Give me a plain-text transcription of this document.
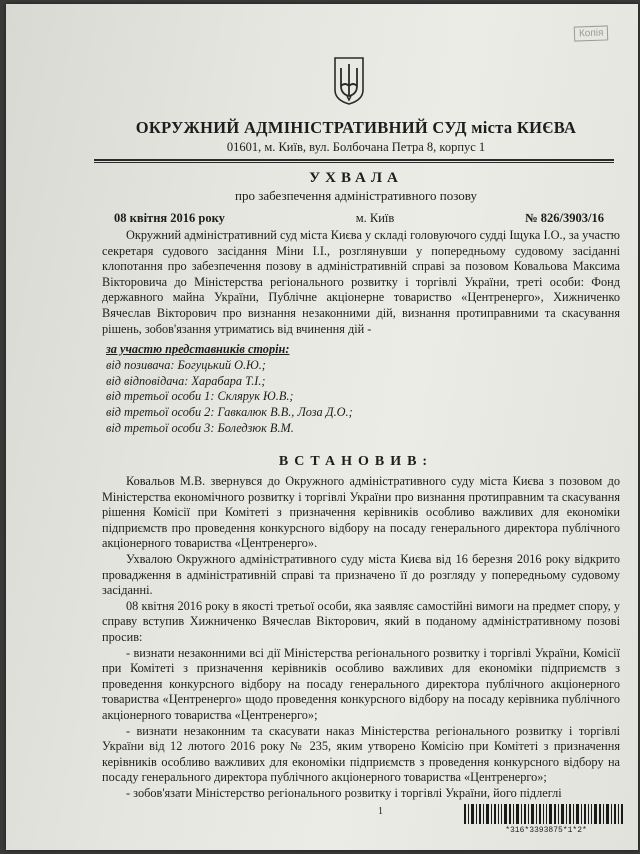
Копія
ОКРУЖНИЙ АДМІНІСТРАТИВНИЙ СУД міста КИЄВА
01601, м. Київ, вул. Болбочана Петра 8, корпус 1
УХВАЛА
про забезпечення адміністративного позову
08 квітня 2016 року	м. Київ	№ 826/3903/16

Окружний адміністративний суд міста Києва у складі головуючого судді Іщука І.О., за участю секретаря судового засідання Міни І.І., розглянувши у попередньому судовому засіданні клопотання про забезпечення позову в адміністративній справі за позовом Ковальова Максима Вікторовича до Міністерства регіонального розвитку і торгівлі України, треті особи: Фонд державного майна України, Публічне акціонерне товариство «Центренерго», Хижниченко Вячеслав Вікторович про визнання незаконними дій, визнання протиправними та скасування рішень, зобов'язання утриматись від вчинення дій -

за участю представників сторін:
від позивача: Богуцький О.Ю.;
від відповідача: Харабара Т.І.;
від третьої особи 1: Склярук Ю.В.;
від третьої особи 2: Гавкалюк В.В., Лоза Д.О.;
від третьої особи 3: Боледзюк В.М.
ВСТАНОВИВ:

Ковальов М.В. звернувся до Окружного адміністративного суду міста Києва з позовом до Міністерства економічного розвитку і торгівлі України про визнання протиправним та скасування рішення Комісії при Комітеті з призначення керівників особливо важливих для економіки підприємств про проведення конкурсного відбору на посаду генерального директора публічного акціонерного товариства «Центренерго».

Ухвалою Окружного адміністративного суду міста Києва від 16 березня 2016 року відкрито провадження в адміністративній справі та призначено її до розгляду у попередньому судовому засіданні.

08 квітня 2016 року в якості третьої особи, яка заявляє самостійні вимоги на предмет спору, у справу вступив Хижниченко Вячеслав Вікторович, який в поданому адміністративному позові просив:

- визнати незаконними всі дії Міністерства регіонального розвитку і торгівлі України, Комісії при Комітеті з призначення керівників особливо важливих для економіки підприємств з проведення конкурсного відбору на посаду генерального директора публічного акціонерного товариства «Центренерго» щодо проведення конкурсного відбору на посаду керівника публічного акціонерного товариства «Центренерго»;

- визнати незаконним та скасувати наказ Міністерства регіонального розвитку і торгівлі України від 12 лютого 2016 року № 235, яким утворено Комісію при Комітеті з призначення керівників особливо важливих для економіки підприємств з проведення конкурсного відбору на посаду генерального директора публічного акціонерного товариства «Центренерго»;

- зобов'язати Міністерство регіонального розвитку і торгівлі України, його підлеглі

1
*316*3393875*1*2*
